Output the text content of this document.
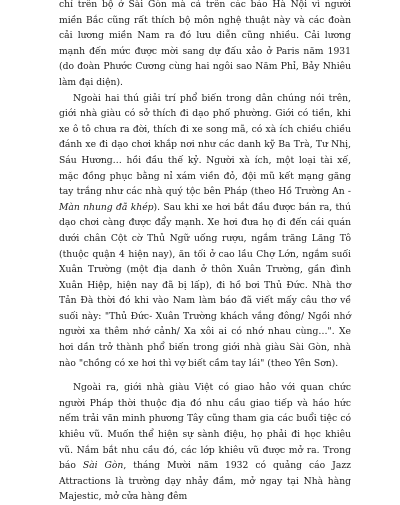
chỉ trên bộ ở Sài Gòn mà cả trên các báo Hà Nội vì người miền Bắc cũng rất thích bộ môn nghệ thuật này và các đoàn cải lương miền Nam ra đó lưu diễn cũng nhiều. Cải lương mạnh đến mức được mời sang dự đấu xảo ở Paris năm 1931 (do đoàn Phước Cương cùng hai ngôi sao Năm Phỉ, Bảy Nhiêu làm đại diện).

Ngoài hai thú giải trí phổ biến trong dân chúng nói trên, giới nhà giàu có sở thích đi dạo phố phường. Giới có tiền, khi xe ô tô chưa ra đời, thích đi xe song mã, có xà ích chiều chiều đánh xe đi dạo chơi khắp nơi như các danh kỹ Ba Trà, Tư Nhị, Sáu Hương… hồi đầu thế kỷ. Người xà ích, một loại tài xế, mặc đồng phục bằng nỉ xám viền đỏ, đội mũ kết mạng găng tay trắng như các nhà quý tộc bên Pháp (theo Hồ Trường An - Màn nhung đã khép). Sau khi xe hơi bắt đầu được bán ra, thú dạo chơi càng được đẩy mạnh. Xe hơi đưa họ đi đến cái quán dưới chân Cột cờ Thủ Ngữ uống rượu, ngắm trăng Lăng Tô (thuộc quận 4 hiện nay), ăn tối ở cao lầu Chợ Lớn, ngắm suối Xuân Trường (một địa danh ở thôn Xuân Trường, gần đình Xuân Hiệp, hiện nay đã bị lấp), đi hồ bơi Thủ Đức. Nhà thơ Tản Đà thời đó khi vào Nam làm báo đã viết mấy câu thơ về suối này: "Thủ Đức- Xuân Trường khách vắng đông/ Ngồi nhớ người xa thêm nhớ cảnh/ Xa xôi ai có nhớ nhau cùng…". Xe hơi dần trở thành phổ biến trong giới nhà giàu Sài Gòn, nhà nào "chồng có xe hơi thì vợ biết cầm tay lái" (theo Yên Sơn).

Ngoài ra, giới nhà giàu Việt có giao hảo với quan chức người Pháp thời thuộc địa đó nhu cầu giao tiếp và háo hức nếm trải văn minh phương Tây cũng tham gia các buổi tiệc có khiêu vũ. Muốn thể hiện sự sành điệu, họ phải đi học khiêu vũ. Nắm bắt nhu cầu đó, các lớp khiêu vũ được mở ra. Trong báo Sài Gòn, tháng Mười năm 1932 có quảng cáo Jazz Attractions là trường dạy nhảy đầm, mở ngay tại Nhà hàng Majestic, mở cửa hàng đêm
